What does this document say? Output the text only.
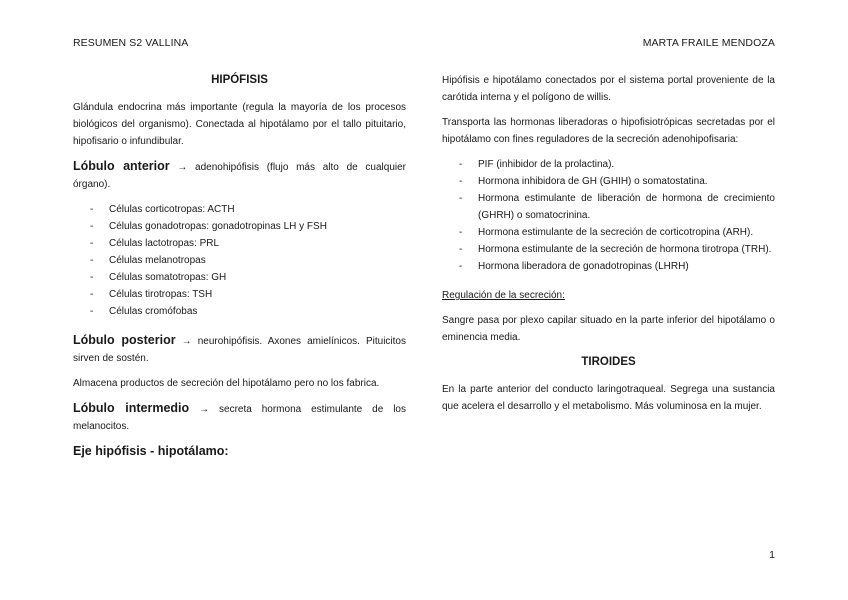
RESUMEN S2 VALLINA	MARTA FRAILE MENDOZA
HIPÓFISIS

Glándula endocrina más importante (regula la mayoría de los procesos biológicos del organismo). Conectada al hipotálamo por el tallo pituitario, hipofisario o infundibular.

Lóbulo anterior → adenohipófisis (flujo más alto de cualquier órgano).

- Células corticotropas: ACTH
- Células gonadotropas: gonadotropinas LH y FSH
- Células lactotropas: PRL
- Células melanotropas
- Células somatotropas: GH
- Células tirotropas: TSH
- Células cromófobas

Lóbulo posterior → neurohipófisis. Axones amielínicos. Pituicitos sirven de sostén.

Almacena productos de secreción del hipotálamo pero no los fabrica.

Lóbulo intermedio → secreta hormona estimulante de los melanocitos.

Eje hipófisis - hipotálamo:

Hipófisis e hipotálamo conectados por el sistema portal proveniente de la carótida interna y el polígono de willis.

Transporta las hormonas liberadoras o hipofisiotrópicas secretadas por el hipotálamo con fines reguladores de la secreción adenohipofisaria:

- PIF (inhibidor de la prolactina).
- Hormona inhibidora de GH (GHIH) o somatostatina.
- Hormona estimulante de liberación de hormona de crecimiento (GHRH) o somatocrinina.
- Hormona estimulante de la secreción de corticotropina (ARH).
- Hormona estimulante de la secreción de hormona tirotropa (TRH).
- Hormona liberadora de gonadotropinas (LHRH)

Regulación de la secreción:

Sangre pasa por plexo capilar situado en la parte inferior del hipotálamo o eminencia media.

TIROIDES

En la parte anterior del conducto laringotraqueal. Segrega una sustancia que acelera el desarrollo y el metabolismo. Más voluminosa en la mujer.

1
